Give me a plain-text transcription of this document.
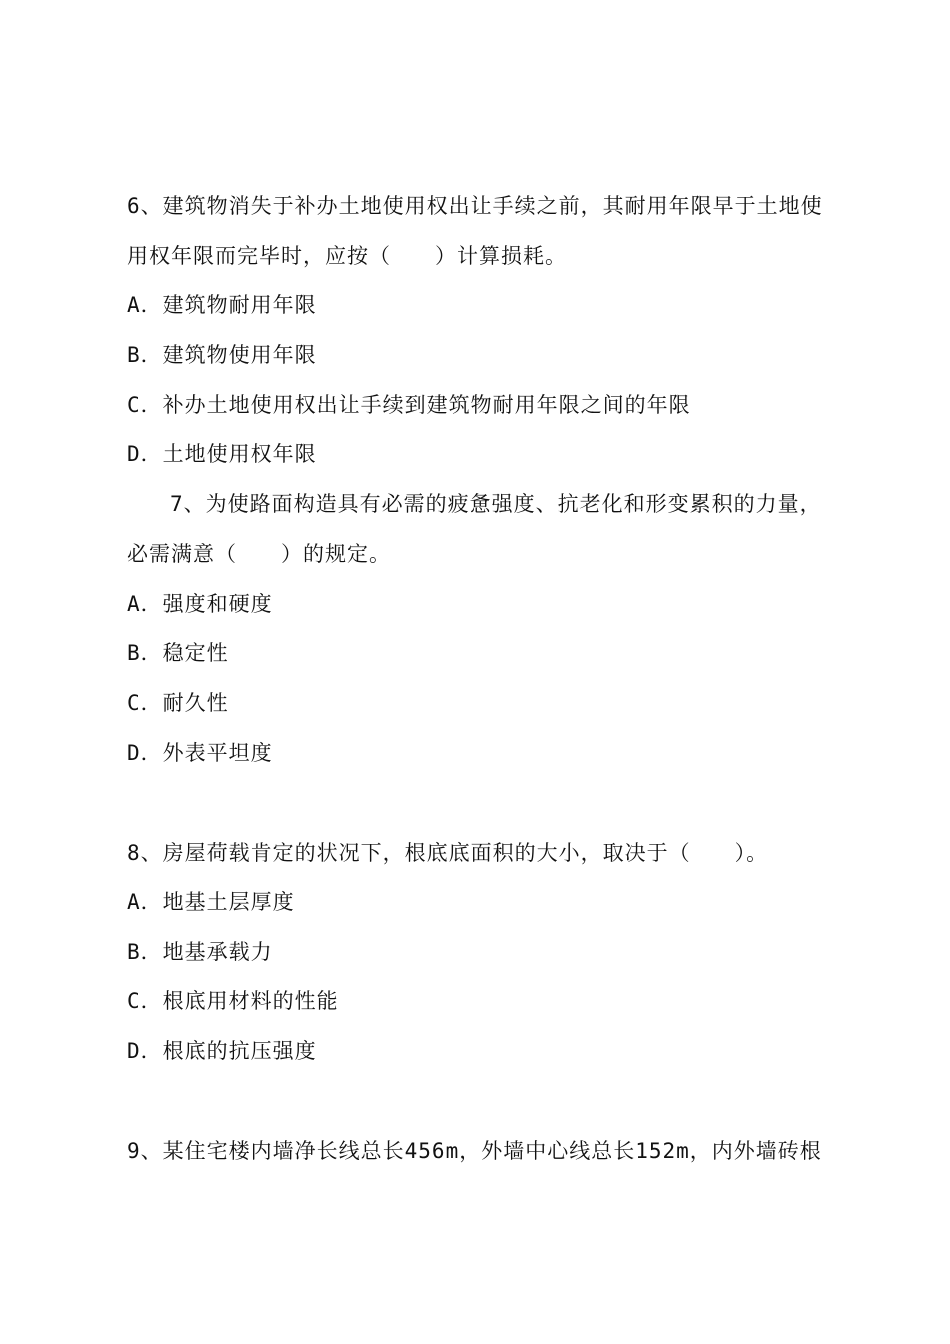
6、建筑物消失于补办土地使用权出让手续之前，其耐用年限早于土地使
用权年限而完毕时，应按（　　）计算损耗。
A．建筑物耐用年限
B．建筑物使用年限
C．补办土地使用权出让手续到建筑物耐用年限之间的年限
D．土地使用权年限
7、为使路面构造具有必需的疲惫强度、抗老化和形变累积的力量，
必需满意（　　）的规定。
A．强度和硬度
B．稳定性
C．耐久性
D．外表平坦度
8、房屋荷载肯定的状况下，根底底面积的大小，取决于（　　）。
A．地基土层厚度
B．地基承载力
C．根底用材料的性能
D．根底的抗压强度
9、某住宅楼内墙净长线总长456m，外墙中心线总长152m，内外墙砖根
